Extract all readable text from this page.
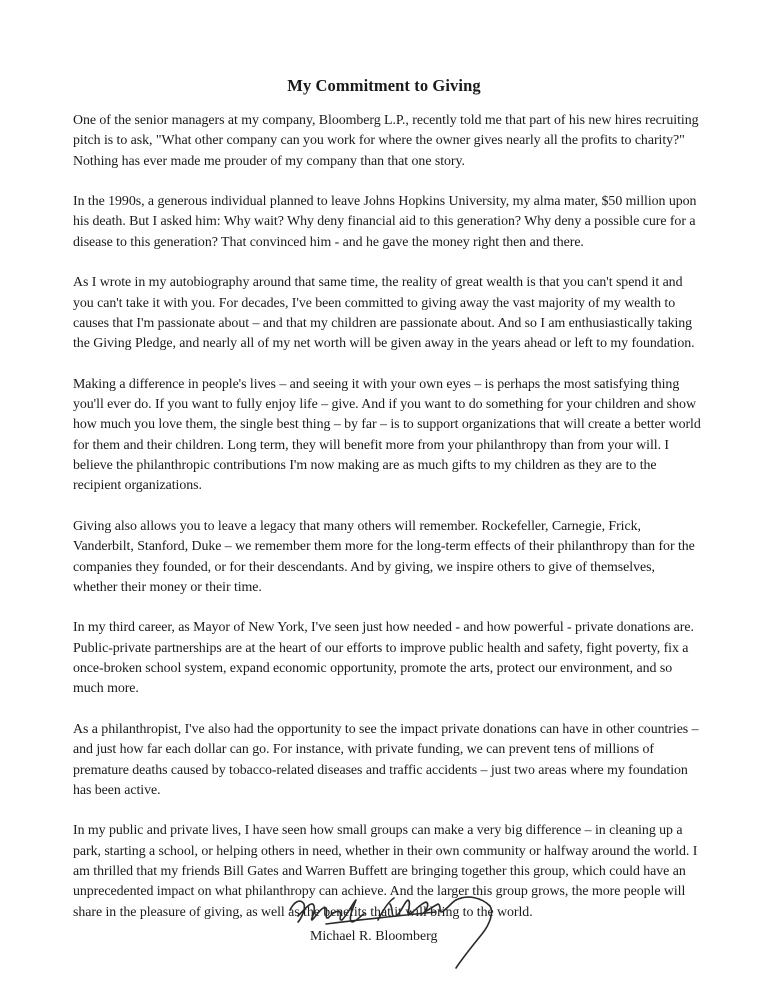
My Commitment to Giving

One of the senior managers at my company, Bloomberg L.P., recently told me that part of his new hires recruiting pitch is to ask, "What other company can you work for where the owner gives nearly all the profits to charity?" Nothing has ever made me prouder of my company than that one story.

In the 1990s, a generous individual planned to leave Johns Hopkins University, my alma mater, $50 million upon his death. But I asked him: Why wait? Why deny financial aid to this generation? Why deny a possible cure for a disease to this generation? That convinced him - and he gave the money right then and there.

As I wrote in my autobiography around that same time, the reality of great wealth is that you can't spend it and you can't take it with you. For decades, I've been committed to giving away the vast majority of my wealth to causes that I'm passionate about – and that my children are passionate about. And so I am enthusiastically taking the Giving Pledge, and nearly all of my net worth will be given away in the years ahead or left to my foundation.

Making a difference in people's lives – and seeing it with your own eyes – is perhaps the most satisfying thing you'll ever do. If you want to fully enjoy life – give. And if you want to do something for your children and show how much you love them, the single best thing – by far – is to support organizations that will create a better world for them and their children. Long term, they will benefit more from your philanthropy than from your will. I believe the philanthropic contributions I'm now making are as much gifts to my children as they are to the recipient organizations.

Giving also allows you to leave a legacy that many others will remember. Rockefeller, Carnegie, Frick, Vanderbilt, Stanford, Duke – we remember them more for the long-term effects of their philanthropy than for the companies they founded, or for their descendants. And by giving, we inspire others to give of themselves, whether their money or their time.

In my third career, as Mayor of New York, I've seen just how needed - and how powerful - private donations are. Public-private partnerships are at the heart of our efforts to improve public health and safety, fight poverty, fix a once-broken school system, expand economic opportunity, promote the arts, protect our environment, and so much more.

As a philanthropist, I've also had the opportunity to see the impact private donations can have in other countries – and just how far each dollar can go. For instance, with private funding, we can prevent tens of millions of premature deaths caused by tobacco-related diseases and traffic accidents – just two areas where my foundation has been active.

In my public and private lives, I have seen how small groups can make a very big difference – in cleaning up a park, starting a school, or helping others in need, whether in their own community or halfway around the world. I am thrilled that my friends Bill Gates and Warren Buffett are bringing together this group, which could have an unprecedented impact on what philanthropy can achieve. And the larger this group grows, the more people will share in the pleasure of giving, as well as the benefits that it will bring to the world.

Michael R. Bloomberg
